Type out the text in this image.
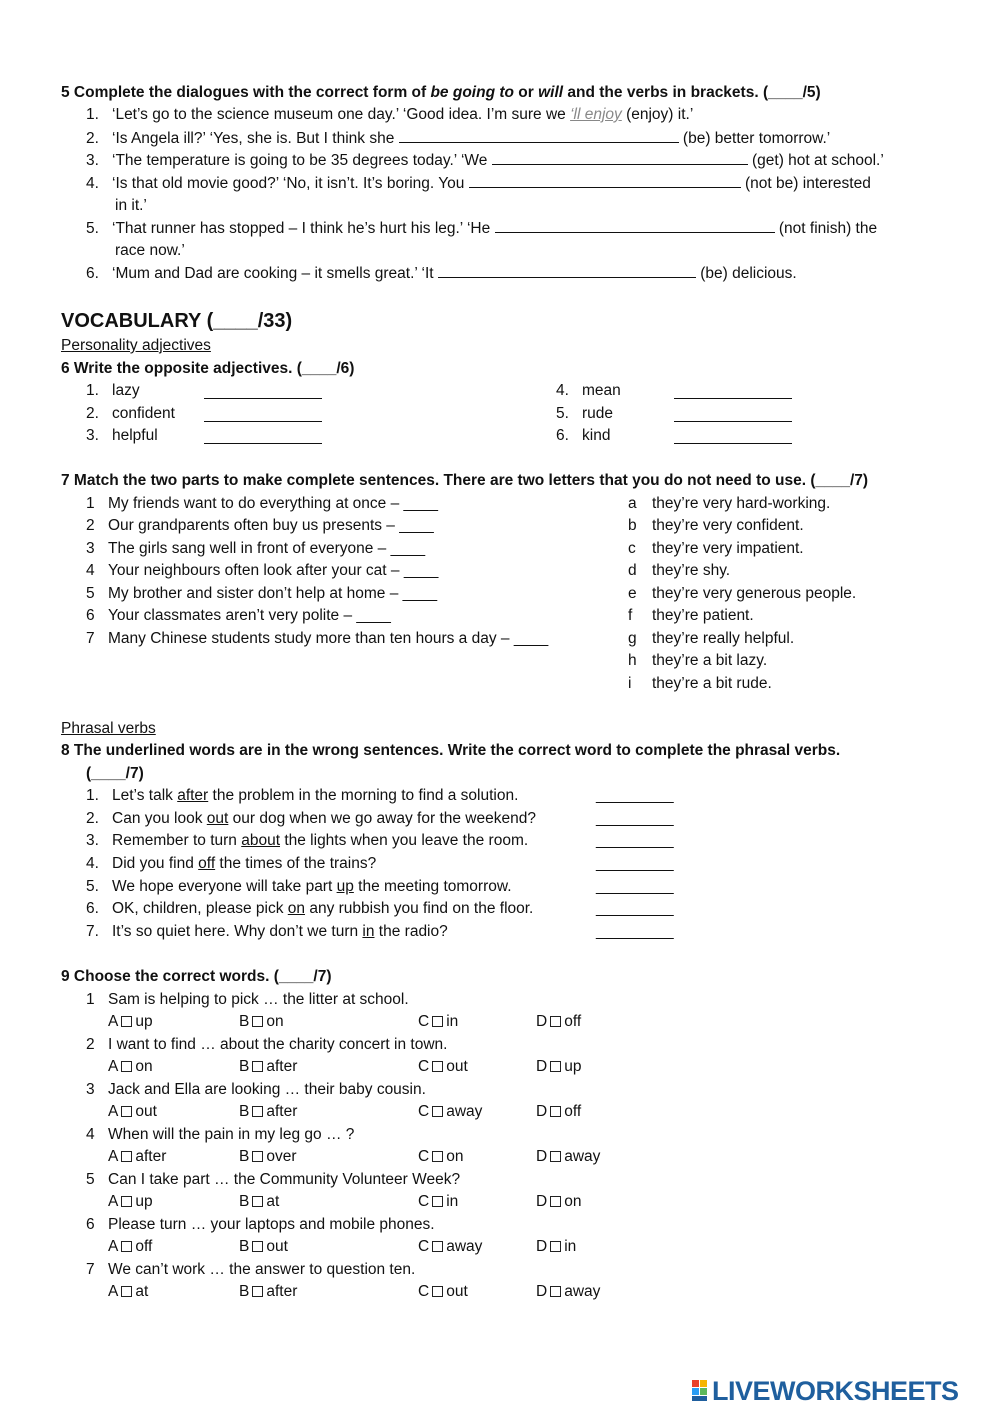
5 Complete the dialogues with the correct form of be going to or will and the verbs in brackets. (____/5)
1. ‘Let’s go to the science museum one day.’ ‘Good idea. I’m sure we ‘ll enjoy (enjoy) it.’
2. ‘Is Angela ill?’ ‘Yes, she is. But I think she	(be) better tomorrow.’
3. ‘The temperature is going to be 35 degrees today.’ ‘We	(get) hot at school.’
4. ‘Is that old movie good?’ ‘No, it isn’t. It’s boring. You	(not be) interested
in it.’
5. ‘That runner has stopped – I think he’s hurt his leg.’ ‘He	(not finish) the
race now.’
6. ‘Mum and Dad are cooking – it smells great.’ ‘It	(be) delicious.
VOCABULARY (____/33)
Personality adjectives
6 Write the opposite adjectives. (____/6)
1. lazy
2. confident
3. helpful
4. mean
5. rude
6. kind
7 Match the two parts to make complete sentences. There are two letters that you do not need to use. (____/7)
1 My friends want to do everything at once – ____
2 Our grandparents often buy us presents – ____
3 The girls sang well in front of everyone – ____
4 Your neighbours often look after your cat – ____
5 My brother and sister don’t help at home – ____
6 Your classmates aren’t very polite – ____
7 Many Chinese students study more than ten hours a day – ____
a they’re very hard-working.
b they’re very confident.
c they’re very impatient.
d they’re shy.
e they’re very generous people.
f they’re patient.
g they’re really helpful.
h they’re a bit lazy.
i they’re a bit rude.
Phrasal verbs
8 The underlined words are in the wrong sentences. Write the correct word to complete the phrasal verbs.
(____/7)
1. Let’s talk after the problem in the morning to find a solution.	_________
2. Can you look out our dog when we go away for the weekend?	_________
3. Remember to turn about the lights when you leave the room.	_________
4. Did you find off the times of the trains?	_________
5. We hope everyone will take part up the meeting tomorrow.	_________
6. OK, children, please pick on any rubbish you find on the floor.	_________
7. It’s so quiet here. Why don’t we turn in the radio?	_________
9 Choose the correct words. (____/7)
1 Sam is helping to pick … the litter at school.
A up	B on	C in	D off
2 I want to find … about the charity concert in town.
A on	B after	C out	D up
3 Jack and Ella are looking … their baby cousin.
A out	B after	C away	D off
4 When will the pain in my leg go … ?
A after	B over	C on	D away
5 Can I take part … the Community Volunteer Week?
A up	B at	C in	D on
6 Please turn … your laptops and mobile phones.
A off	B out	C away	D in
7 We can’t work … the answer to question ten.
A at	B after	C out	D away
LIVEWORKSHEETS
